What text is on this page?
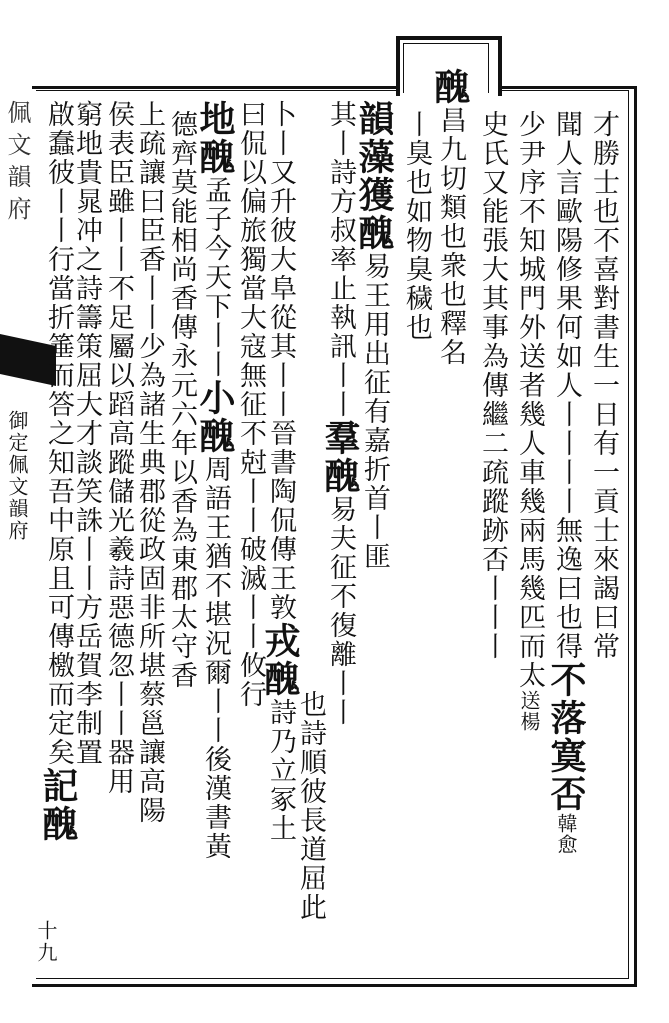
佩文韻府
御定佩文韻府	才勝士也不喜對書生一日有一貢士來謁曰常
聞人言歐陽修果何如人丨丨丨丨無逸曰也得不落寞否韓愈
少尹序不知城門外送者幾人車幾兩馬幾匹而太送楊
史氏又能張大其事為傳繼二疏蹤跡否丨丨丨
醜昌九切類也衆也釋名
丨臭也如物臭穢也
韻藻獲醜易王用出征有嘉折首丨匪
其丨詩方叔率止執訊丨丨羣醜易夫征不復離丨丨
也詩順彼長道屈此
卜丨又升彼大阜從其丨丨晉書陶侃傳王敦戎醜詩乃立冢土
曰侃以偏旅獨當大寇無征不尅丨丨破滅丨丨攸行
地醜孟子今天下丨丨小醜周語王猶不堪況爾丨丨後漢書黃
德齊莫能相尚香傳永元六年以香為東郡太守香
上疏讓曰臣香丨丨少為諸生典郡從政固非所堪蔡邕讓高陽
侯表臣雖丨丨不足屬以蹈高蹤儲光羲詩惡德忽丨丨器用
窮地貴晁冲之詩籌策屈大才談笑誅丨丨方岳賀李制置
啟蠢彼丨丨行當折箠而答之知吾中原且可傳檄而定矣記醜
十九
